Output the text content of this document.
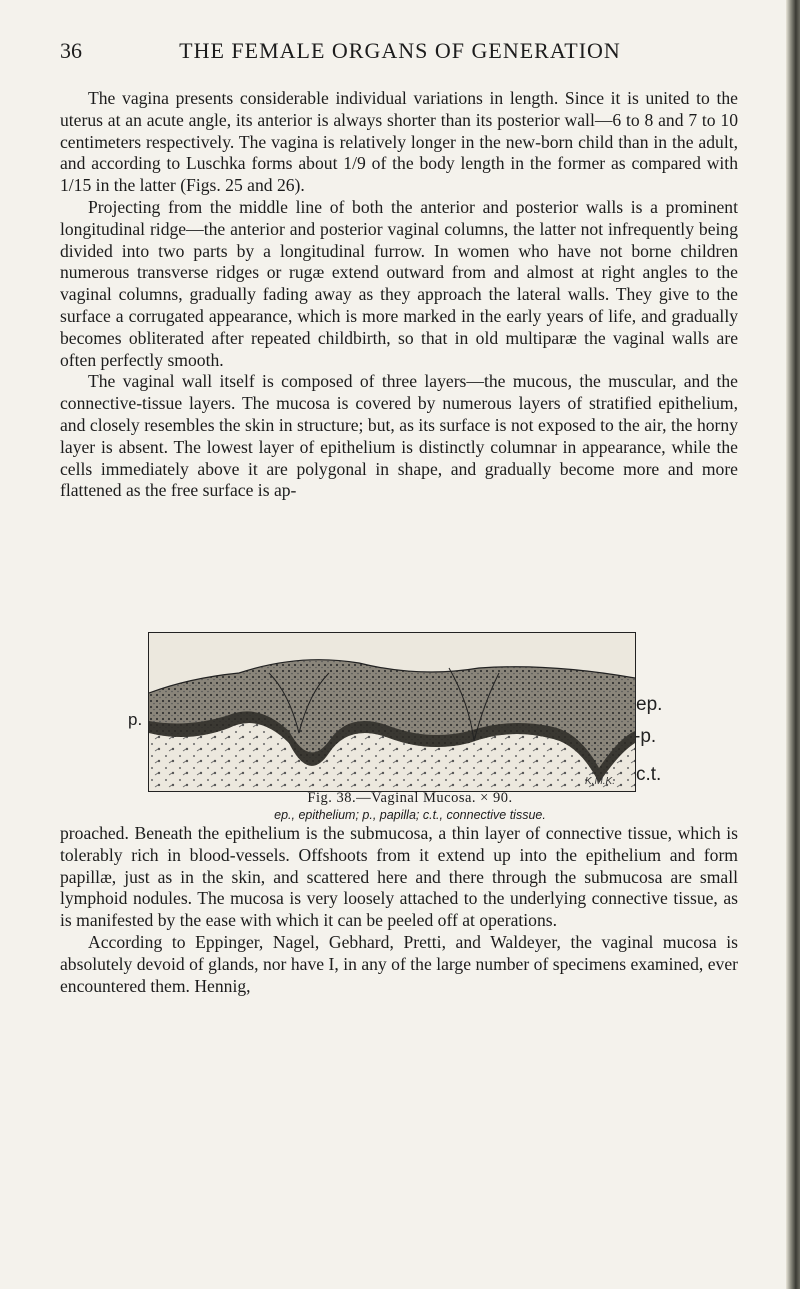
36	THE FEMALE ORGANS OF GENERATION

The vagina presents considerable individual variations in length. Since it is united to the uterus at an acute angle, its anterior is always shorter than its posterior wall—6 to 8 and 7 to 10 centimeters respectively. The vagina is relatively longer in the new-born child than in the adult, and according to Luschka forms about 1/9 of the body length in the former as compared with 1/15 in the latter (Figs. 25 and 26).

Projecting from the middle line of both the anterior and posterior walls is a prominent longitudinal ridge—the anterior and posterior vaginal columns, the latter not infrequently being divided into two parts by a longitudinal furrow. In women who have not borne children numerous transverse ridges or rugæ extend outward from and almost at right angles to the vaginal columns, gradually fading away as they approach the lateral walls. They give to the surface a corrugated appearance, which is more marked in the early years of life, and gradually becomes obliterated after repeated childbirth, so that in old multiparæ the vaginal walls are often perfectly smooth.

The vaginal wall itself is composed of three layers—the mucous, the muscular, and the connective-tissue layers. The mucosa is covered by numerous layers of stratified epithelium, and closely resembles the skin in structure; but, as its surface is not exposed to the air, the horny layer is absent. The lowest layer of epithelium is distinctly columnar in appearance, while the cells immediately above it are polygonal in shape, and gradually become more and more flattened as the free surface is ap-

ep.
-p.
c.t.
p.
K.M.K.
Fig. 38.—Vaginal Mucosa. × 90.
ep., epithelium; p., papilla; c.t., connective tissue.

proached. Beneath the epithelium is the submucosa, a thin layer of connective tissue, which is tolerably rich in blood-vessels. Offshoots from it extend up into the epithelium and form papillæ, just as in the skin, and scattered here and there through the submucosa are small lymphoid nodules. The mucosa is very loosely attached to the underlying connective tissue, as is manifested by the ease with which it can be peeled off at operations.

According to Eppinger, Nagel, Gebhard, Pretti, and Waldeyer, the vaginal mucosa is absolutely devoid of glands, nor have I, in any of the large number of specimens examined, ever encountered them. Hennig,
